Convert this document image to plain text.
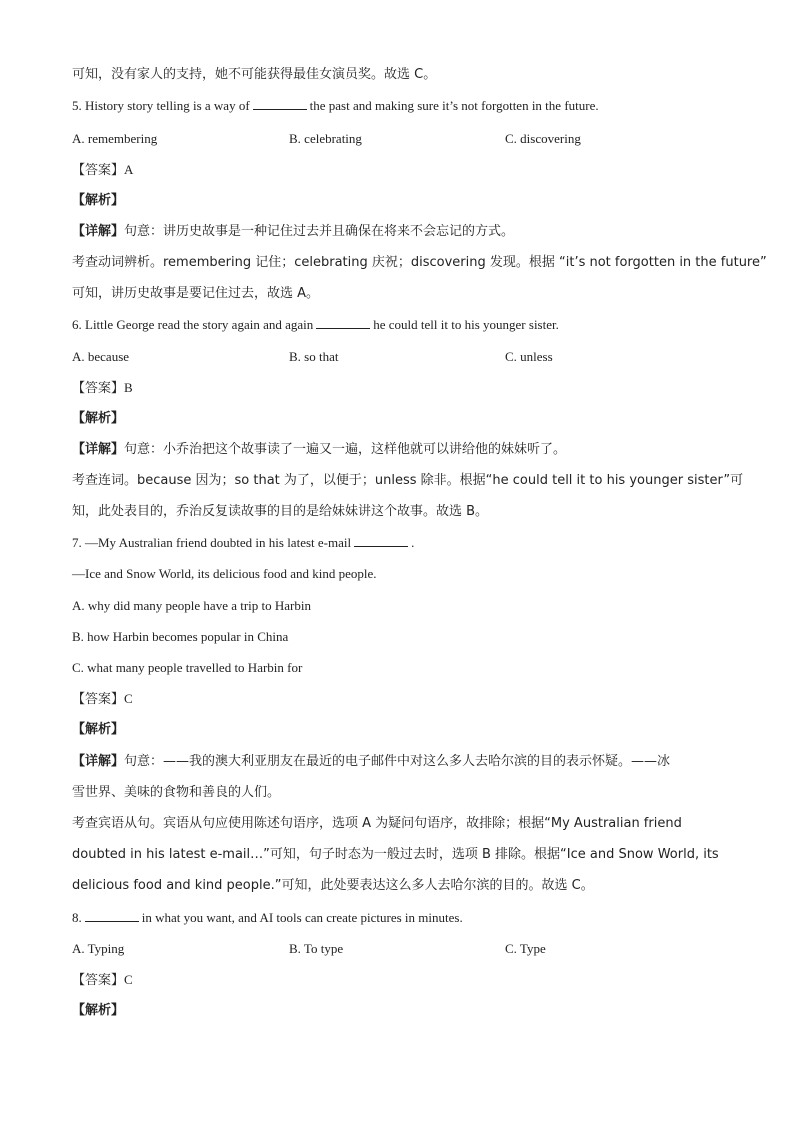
可知，没有家人的支持，她不可能获得最佳女演员奖。故选 C。
5. History story telling is a way of	the past and making sure it’s not forgotten in the future.
A. remembering	B. celebrating	C. discovering
【答案】A
【解析】
【详解】句意：讲历史故事是一种记住过去并且确保在将来不会忘记的方式。
考查动词辨析。remembering 记住；celebrating 庆祝；discovering 发现。根据 “it’s not forgotten in the future”
可知，讲历史故事是要记住过去，故选 A。
6. Little George read the story again and again	he could tell it to his younger sister.
A. because	B. so that	C. unless
【答案】B
【解析】
【详解】句意：小乔治把这个故事读了一遍又一遍，这样他就可以讲给他的妹妹听了。
考查连词。because 因为；so that 为了，以便于；unless 除非。根据“he could tell it to his younger sister”可
知，此处表目的，乔治反复读故事的目的是给妹妹讲这个故事。故选 B。
7. —My Australian friend doubted in his latest e-mail	.
—Ice and Snow World, its delicious food and kind people.
A. why did many people have a trip to Harbin
B. how Harbin becomes popular in China
C. what many people travelled to Harbin for
【答案】C
【解析】
【详解】句意：——我的澳大利亚朋友在最近的电子邮件中对这么多人去哈尔滨的目的表示怀疑。——冰
雪世界、美味的食物和善良的人们。
考查宾语从句。宾语从句应使用陈述句语序，选项 A 为疑问句语序，故排除；根据“My Australian friend
doubted in his latest e-mail…”可知，句子时态为一般过去时，选项 B 排除。根据“Ice and Snow World, its
delicious food and kind people.”可知，此处要表达这么多人去哈尔滨的目的。故选 C。
8.	in what you want, and AI tools can create pictures in minutes.
A. Typing	B. To type	C. Type
【答案】C
【解析】
